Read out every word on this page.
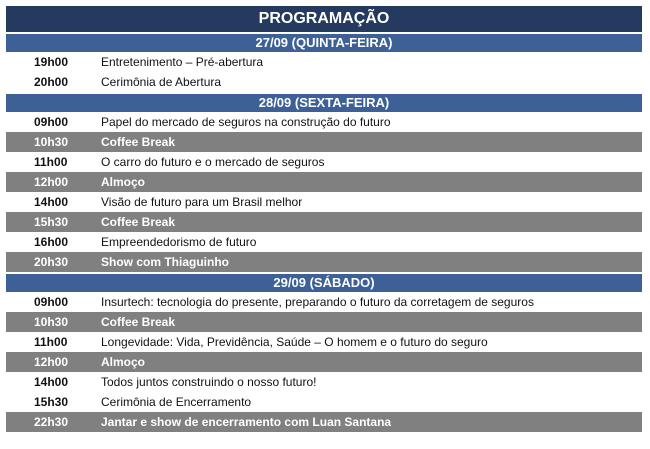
PROGRAMAÇÃO
27/09 (QUINTA-FEIRA)
19h00	Entretenimento – Pré-abertura
20h00	Cerimônia de Abertura
28/09 (SEXTA-FEIRA)
09h00	Papel do mercado de seguros na construção do futuro
10h30	Coffee Break
11h00	O carro do futuro e o mercado de seguros
12h00	Almoço
14h00	Visão de futuro para um Brasil melhor
15h30	Coffee Break
16h00	Empreendedorismo de futuro
20h30	Show com Thiaguinho
29/09 (SÁBADO)
09h00	Insurtech: tecnologia do presente, preparando o futuro da corretagem de seguros
10h30	Coffee Break
11h00	Longevidade: Vida, Previdência, Saúde – O homem e o futuro do seguro
12h00	Almoço
14h00	Todos juntos construindo o nosso futuro!
15h30	Cerimônia de Encerramento
22h30	Jantar e show de encerramento com Luan Santana
